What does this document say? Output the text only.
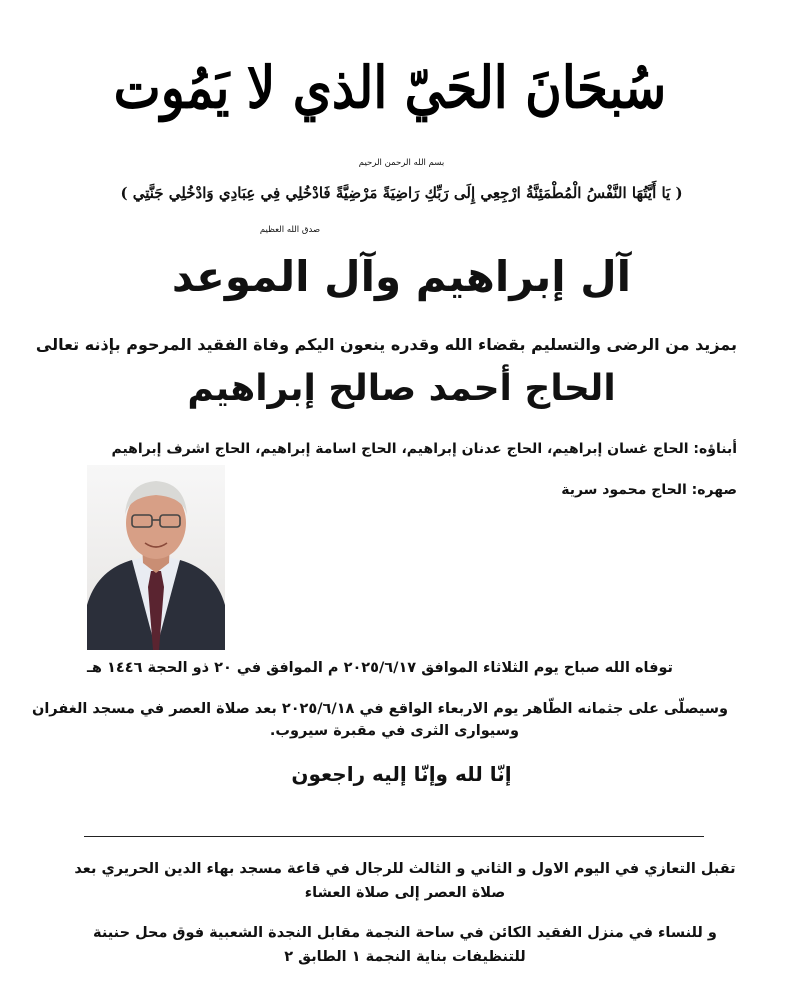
سُبحَانَ الحَيّ الذي لا يَمُوت
بسم الله الرحمن الرحيم
( يَا أَيَّتُهَا النَّفْسُ الْمُطْمَئِنَّةُ ارْجِعِي إِلَى رَبِّكِ رَاضِيَةً مَرْضِيَّةً فَادْخُلِي فِي عِبَادِي وَادْخُلِي جَنَّتِي )
صدق الله العظيم
آل إبراهيم وآل الموعد
بمزيد من الرضى والتسليم بقضاء الله وقدره ينعون اليكم وفاة الفقيد المرحوم بإذنه تعالى
الحاج أحمد صالح إبراهيم
أبناؤه: الحاج غسان إبراهيم، الحاج عدنان إبراهيم، الحاج اسامة إبراهيم، الحاج اشرف إبراهيم
صهره: الحاج محمود سرية
توفاه الله صباح يوم الثلاثاء الموافق ٢٠٢٥/٦/١٧ م الموافق في ٢٠ ذو الحجة ١٤٤٦ هـ
وسيصلّى على جثمانه الطّاهر يوم الاربعاء الواقع في ٢٠٢٥/٦/١٨ بعد صلاة العصر في مسجد الغفران
وسيوارى الثرى في مقبرة سيروب.
إنّا لله وإنّا إليه راجعون
تقبل التعازي في اليوم الاول و الثاني و الثالث للرجال في قاعة مسجد بهاء الدين الحريري بعد صلاة العصر إلى صلاة العشاء
و للنساء في منزل الفقيد الكائن في ساحة النجمة مقابل النجدة الشعبية فوق محل حنينة للتنظيفات بناية النجمة ١ الطابق ٢
